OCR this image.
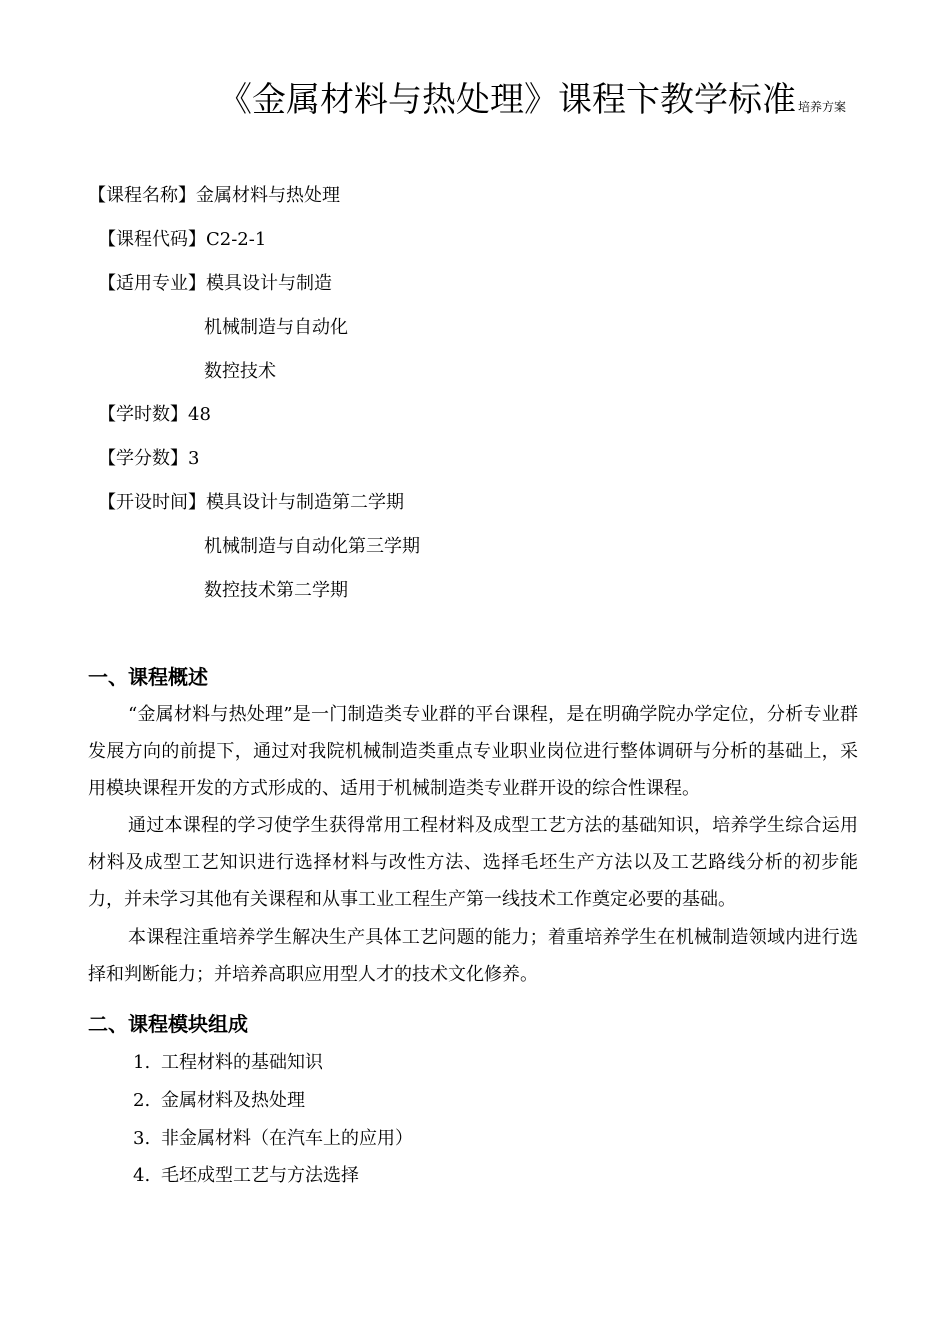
《金属材料与热处理》课程卞教学标准 培养方案
【课程名称】金属材料与热处理
【课程代码】C2-2-1
【适用专业】模具设计与制造
机械制造与自动化
数控技术
【学时数】48
【学分数】3
【开设时间】模具设计与制造第二学期
机械制造与自动化第三学期
数控技术第二学期
一、课程概述
“金属材料与热处理”是一门制造类专业群的平台课程，是在明确学院办学定位，分析专业群发展方向的前提下，通过对我院机械制造类重点专业职业岗位进行整体调研与分析的基础上，采用模块课程开发的方式形成的、适用于机械制造类专业群开设的综合性课程。
通过本课程的学习使学生获得常用工程材料及成型工艺方法的基础知识，培养学生综合运用材料及成型工艺知识进行选择材料与改性方法、选择毛坯生产方法以及工艺路线分析的初步能力，并未学习其他有关课程和从事工业工程生产第一线技术工作奠定必要的基础。
本课程注重培养学生解决生产具体工艺问题的能力；着重培养学生在机械制造领域内进行选择和判断能力；并培养高职应用型人才的技术文化修养。
二、课程模块组成
1. 工程材料的基础知识
2. 金属材料及热处理
3. 非金属材料（在汽车上的应用）
4. 毛坯成型工艺与方法选择
